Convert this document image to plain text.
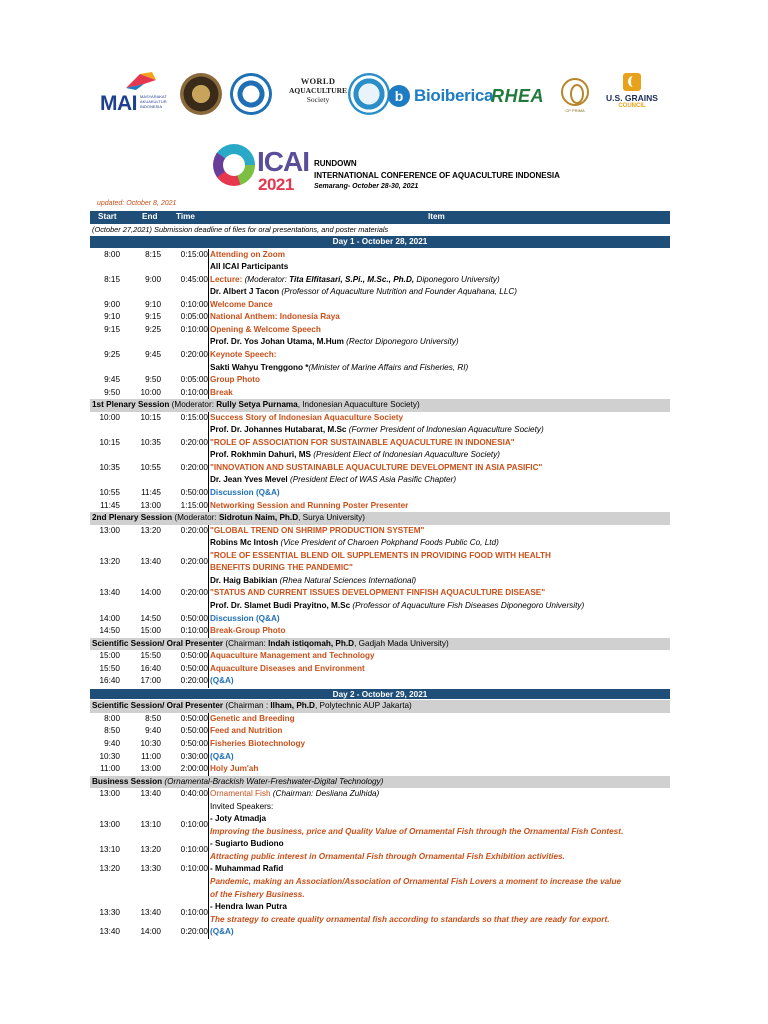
MAI MASYARAKAT AKUAKULTUR INDONESIA
WORLD
AQUACULTURE
Society	b Bioiberica
RHEA
CP PRIMA
U.S. GRAINS
COUNCIL
ICAI
2021
RUNDOWN
INTERNATIONAL CONFERENCE OF AQUACULTURE INDONESIA
Semarang- October 28-30, 2021
updated: October 8, 2021
Start	End Time	Item
(October 27,2021) Submission deadline of files for oral presentations, and poster materials
Day 1 - October 28, 2021
8:00	8:15	0:15:00 Attending on Zoom
All ICAI Participants
8:15	9:00	0:45:00 Lecture: (Moderator: Tita Elfitasari, S.Pi., M.Sc., Ph.D, Diponegoro University)
Dr. Albert J Tacon (Professor of Aquaculture Nutrition and Founder Aquahana, LLC)
9:00	9:10	0:10:00 Welcome Dance
9:10	9:15	0:05:00 National Anthem: Indonesia Raya
9:15	9:25	0:10:00 Opening & Welcome Speech
Prof. Dr. Yos Johan Utama, M.Hum (Rector Diponegoro University)
9:25	9:45	0:20:00 Keynote Speech:
Sakti Wahyu Trenggono *(Minister of Marine Affairs and Fisheries, RI)
9:45	9:50	0:05:00 Group Photo
9:50	10:00	0:10:00 Break
1st Plenary Session (Moderator: Rully Setya Purnama, Indonesian Aquaculture Society)
10:00	10:15	0:15:00 Success Story of Indonesian Aquaculture Society
Prof. Dr. Johannes Hutabarat, M.Sc (Former President of Indonesian Aquaculture Society)
10:15	10:35	0:20:00 "ROLE OF ASSOCIATION FOR SUSTAINABLE AQUACULTURE IN INDONESIA"
Prof. Rokhmin Dahuri, MS (President Elect of Indonesian Aquaculture Society)
10:35	10:55	0:20:00 "INNOVATION AND SUSTAINABLE AQUACULTURE DEVELOPMENT IN ASIA PASIFIC"
Dr. Jean Yves Mevel (President Elect of WAS Asia Pasific Chapter)
10:55	11:45	0:50:00 Discussion (Q&A)
11:45	13:00	1:15:00 Networking Session and Running Poster Presenter
2nd Plenary Session (Moderator: Sidrotun Naim, Ph.D, Surya University)
13:00	13:20	0:20:00 "GLOBAL TREND ON SHRIMP PRODUCTION SYSTEM"
Robins Mc Intosh (Vice President of Charoen Pokphand Foods Public Co, Ltd)
13:20	13:40	0:20:00
"ROLE OF ESSENTIAL BLEND OIL SUPPLEMENTS IN PROVIDING FOOD WITH HEALTH
BENEFITS DURING THE PANDEMIC"
Dr. Haig Babikian (Rhea Natural Sciences International)
13:40	14:00	0:20:00 "STATUS AND CURRENT ISSUES DEVELOPMENT FINFISH AQUACULTURE DISEASE"
Prof. Dr. Slamet Budi Prayitno, M.Sc (Professor of Aquaculture Fish Diseases Diponegoro University)
14:00	14:50	0:50:00 Discussion (Q&A)
14:50	15:00	0:10:00 Break-Group Photo
Scientific Session/ Oral Presenter (Chairman: Indah istiqomah, Ph.D, Gadjah Mada University)
15:00	15:50	0:50:00 Aquaculture Management and Technology
15:50	16:40	0:50:00 Aquaculture Diseases and Environment
16:40	17:00	0:20:00 (Q&A)
Day 2 - October 29, 2021
Scientific Session/ Oral Presenter (Chairman : Ilham, Ph.D, Polytechnic AUP Jakarta)
8:00	8:50	0:50:00 Genetic and Breeding
8:50	9:40	0:50:00 Feed and Nutrition
9:40	10:30	0:50:00 Fisheries Biotechnology
10:30	11:00	0:30:00 (Q&A)
11:00	13:00	2:00:00 Holy Jum'ah
Business Session (Ornamental-Brackish Water-Freshwater-Digital Technology)
13:00	13:40	0:40:00 Ornamental Fish (Chairman: Desliana Zulhida)
Invited Speakers:
13:00	13:10	0:10:00
- Joty Atmadja
Improving the business, price and Quality Value of Ornamental Fish through the Ornamental Fish Contest.
13:10	13:20	0:10:00
- Sugiarto Budiono
Attracting public interest in Ornamental Fish through Ornamental Fish Exhibition activities.
13:20	13:30	0:10:00 - Muhammad Rafid
Pandemic, making an Association/Association of Ornamental Fish Lovers a moment to increase the value
of the Fishery Business.
13:30	13:40	0:10:00
- Hendra Iwan Putra
The strategy to create quality ornamental fish according to standards so that they are ready for export.
13:40	14:00	0:20:00 (Q&A)
